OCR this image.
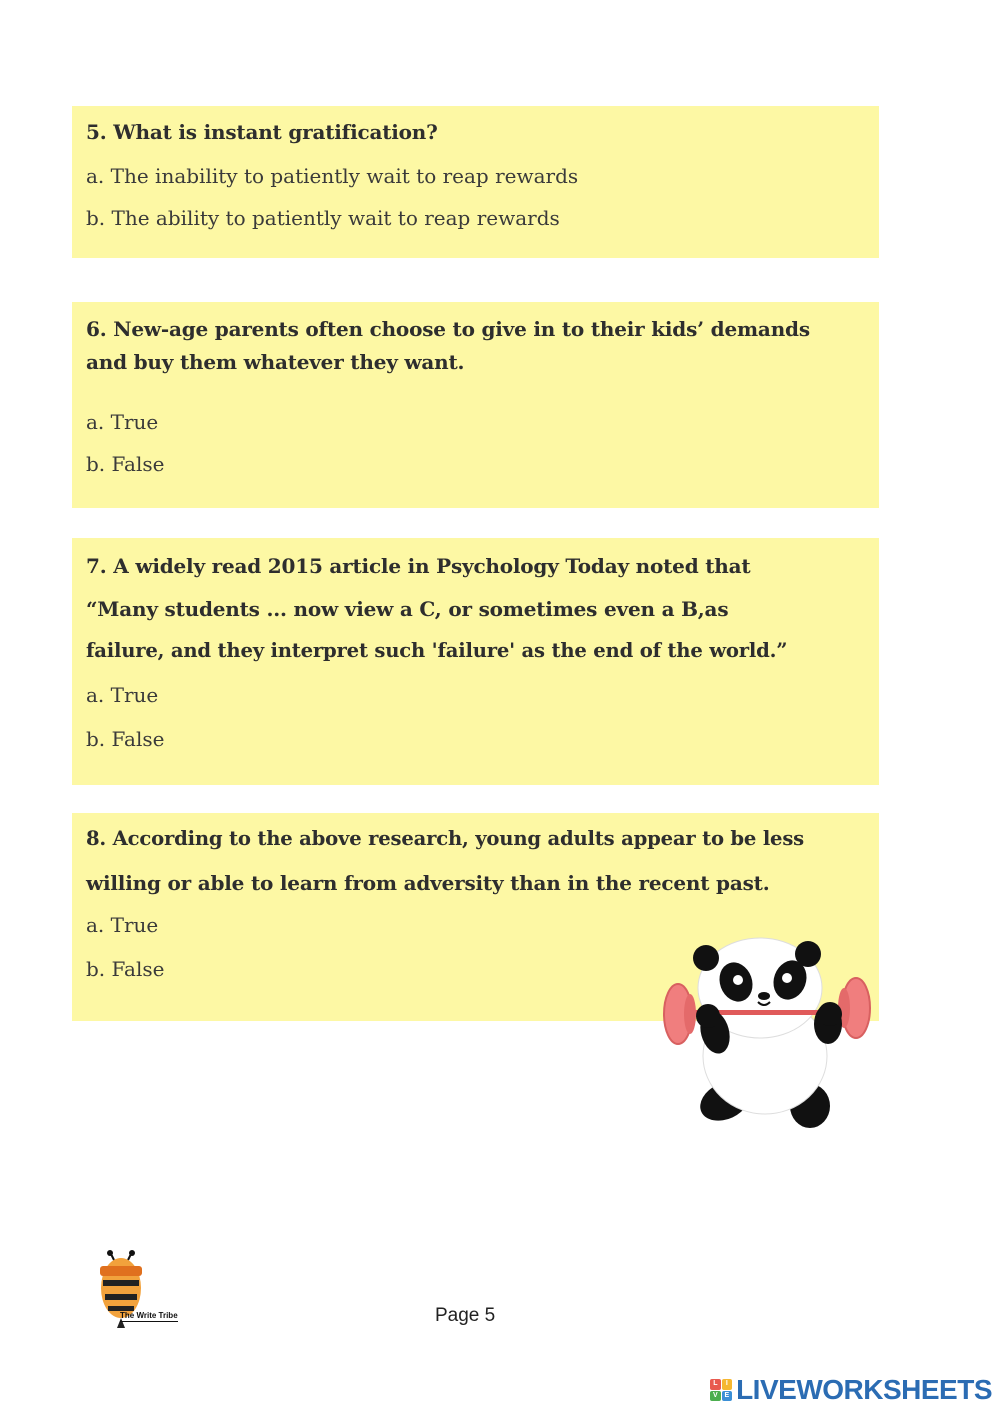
5. What is instant gratification?
a. The inability to patiently wait to reap rewards
b. The ability to patiently wait to reap rewards
6. New-age parents often choose to give in to their kids’ demands
and buy them whatever they want.
a. True
b. False
7. A widely read 2015 article in Psychology Today noted that
“Many students ... now view a C, or sometimes even a B,as
failure, and they interpret such 'failure' as the end of the world.”
a. True
b. False
8. According to the above research, young adults appear to be less
willing or able to learn from adversity than in the recent past.
a. True
b. False
The Write Tribe	Page 5
L	I
V E LIVEWORKSHEETS
